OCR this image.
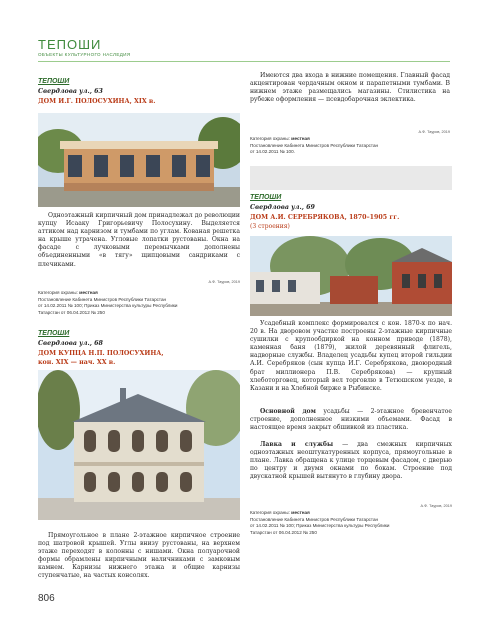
ТЕПОШИ
ОБЪЕКТЫ КУЛЬТУРНОГО НАСЛЕДИЯ
ТЕПОШИ
Свердлова ул., 63
ДОМ И.Г. ПОЛОСУХИНА, XIX в.

Имеются два входа в нижние помещения. Главный фасад акцентирован чердачным окном и парапетными тумбами. В нижнем этаже размещались магазины. Стилистика на рубеже оформления — псевдобарочная эклектика.

А.Ф. Тауров, 2019
Категория охраны: местная
Постановление Кабинета Министров Республики Татарстан
от 14.02.2011 № 100.
ТЕПОШИ
Свердлова ул., 69
ДОМ А.И. СЕРЕБРЯКОВА, 1870–1905 гг.
(3 строения)

Одноэтажный кирпичный дом принадлежал до революции купцу Исааку Григорьевичу Полосухину. Выделяется аттиком над карнизом и тумбами по углам. Кованая решетка на крыше утрачена. Угловые лопатки рустованы. Окна на фасаде с лучковыми перемычками дополнены объединенными «в тягу» щипцовыми сандриками с плечиками.

А.Ф. Тауров, 2019
Категория охраны: местная
Постановление Кабинета Министров Республики Татарстан
от 14.02.2011 № 100; Приказ Министерства культуры Республики
Татарстан от 06.04.2012 № 250

Усадебный комплекс формировался с кон. 1870-х по нач. 20 в. На дворовом участке построены 2-этажные кирпичные сушилки с крупообдиркой на конном приводе (1878), каменная баня (1879), жилой деревянный флигель, надворные службы. Владелец усадьбы купец второй гильдии А.И. Серебряков (сын купца И.Г. Серебрякова, двоюродный брат миллионера П.В. Серебрякова) — крупный хлеботорговец, который вел торговлю в Тетюшском уезде, в Казани и на Хлебной бирже в Рыбинске.

Основной дом усадьбы — 2-этажное бревенчатое строение, дополненное низкими объемами. Фасад в настоящее время закрыт обшивкой из пластика.

Лавка и службы — два смежных кирпичных одноэтажных неоштукатуренных корпуса, прямоугольные в плане. Лавка обращена к улице торцевым фасадом, с дверью по центру и двумя окнами по бокам. Строение под двускатной крышей вытянуто в глубину двора.

А.Ф. Тауров, 2019
Категория охраны: местная
Постановление Кабинета Министров Республики Татарстан
от 14.02.2011 № 100; Приказ Министерства культуры Республики
Татарстан от 06.04.2012 № 250
ТЕПОШИ
Свердлова ул., 68
ДОМ КУПЦА Н.П. ПОЛОСУХИНА,
кон. XIX — нач. XX в.

Прямоугольное в плане 2-этажное кирпичное строение под шатровой крышей. Углы внизу рустованы, на верхнем этаже переходят в колонны с нишами. Окна полуарочной формы обрамлены кирпичными наличниками с замковым камнем. Карнизы нижнего этажа и общие карнизы ступенчатые, на частых консолях.

806
